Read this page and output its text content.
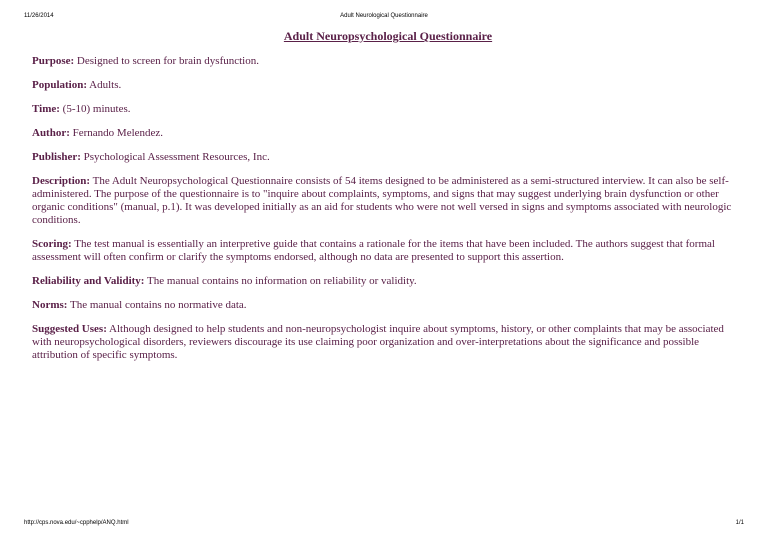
11/26/2014	Adult Neurological Questionnaire
Adult Neuropsychological Questionnaire

Purpose: Designed to screen for brain dysfunction.

Population: Adults.

Time: (5-10) minutes.

Author: Fernando Melendez.

Publisher: Psychological Assessment Resources, Inc.

Description: The Adult Neuropsychological Questionnaire consists of 54 items designed to be administered as a semi-structured interview. It can also be self-administered. The purpose of the questionnaire is to "inquire about complaints, symptoms, and signs that may suggest underlying brain dysfunction or other organic conditions" (manual, p.1). It was developed initially as an aid for students who were not well versed in signs and symptoms associated with neurologic conditions.

Scoring: The test manual is essentially an interpretive guide that contains a rationale for the items that have been included. The authors suggest that formal assessment will often confirm or clarify the symptoms endorsed, although no data are presented to support this assertion.

Reliability and Validity: The manual contains no information on reliability or validity.

Norms: The manual contains no normative data.

Suggested Uses: Although designed to help students and non-neuropsychologist inquire about symptoms, history, or other complaints that may be associated with neuropsychological disorders, reviewers discourage its use claiming poor organization and over-interpretations about the significance and possible attribution of specific symptoms.

http://cps.nova.edu/~cpphelp/ANQ.html	1/1
